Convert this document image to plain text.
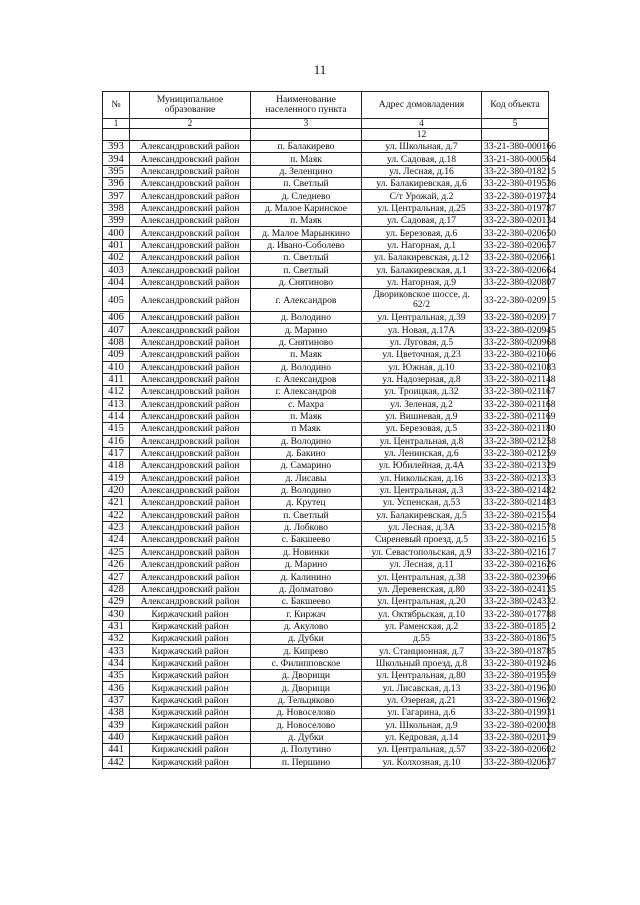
11
№	Муниципальное образование	Наименование населенного пункта	Адрес домовладения	Код объекта
1	2	3	4	5
			12	
393	Александровский район	п. Балакирево	ул. Школьная, д.7	33-21-380-000166
394	Александровский район	п. Маяк	ул. Садовая, д.18	33-21-380-000564
395	Александровский район	д. Зеленцино	ул. Лесная, д.16	33-22-380-018215
396	Александровский район	п. Светлый	ул. Балакиревская, д.6	33-22-380-019536
397	Александровский район	д. Следнево	С/т Урожай, д.2	33-22-380-019724
398	Александровский район	д. Малое Каринское	ул. Центральная, д.25	33-22-380-019787
399	Александровский район	п. Маяк	ул. Садовая, д.17	33-22-380-020134
400	Александровский район	д. Малое Марынкино	ул. Березовая, д.6	33-22-380-020650
401	Александровский район	д. Ивано-Соболево	ул. Нагорная, д.1	33-22-380-020657
402	Александровский район	п. Светлый	ул. Балакиревская, д.12	33-22-380-020661
403	Александровский район	п. Светлый	ул. Балакиревская, д.1	33-22-380-020664
404	Александровский район	д. Снятиново	ул. Нагорная, д.9	33-22-380-020807
405	Александровский район	г. Александров	Двориковское шоссе, д. 62/2	33-22-380-020915
406	Александровский район	д. Володино	ул. Центральная, д.39	33-22-380-020917
407	Александровский район	д. Марино	ул. Новая, д.17А	33-22-380-020945
408	Александровский район	д. Снятиново	ул. Луговая, д.5	33-22-380-020968
409	Александровский район	п. Маяк	ул. Цветочная, д.23	33-22-380-021066
410	Александровский район	д. Володино	ул. Южная, д.10	33-22-380-021083
411	Александровский район	г. Александров	ул. Надозерная, д.8	33-22-380-021148
412	Александровский район	г. Александров	ул. Троицкая, д.32	33-22-380-021167
413	Александровский район	с. Махра	ул. Зеленая, д.2	33-22-380-021168
414	Александровский район	п. Маяк	ул. Вишневая, д.9	33-22-380-021169
415	Александровский район	п Маяк	ул. Березовая, д.5	33-22-380-021180
416	Александровский район	д. Володино	ул. Центральная, д.8	33-22-380-021258
417	Александровский район	д. Бакино	ул. Ленинская, д.6	33-22-380-021259
418	Александровский район	д. Самарино	ул. Юбилейная, д.4А	33-22-380-021329
419	Александровский район	д. Лисавы	ул. Никольская, д.16	33-22-380-021333
420	Александровский район	д. Володино	ул. Центральная, д.3	33-22-380-021482
421	Александровский район	д. Крутец	ул. Успенская, д.53	33-22-380-021483
422	Александровский район	п. Светлый	ул. Балакиревская, д.5	33-22-380-021554
423	Александровский район	д. Лобково	ул. Лесная, д.3А	33-22-380-021578
424	Александровский район	с. Бакшеево	Сиреневый проезд, д.5	33-22-380-021615
425	Александровский район	д. Новинки	ул. Севастопольская, д.9	33-22-380-021617
426	Александровский район	д. Марино	ул. Лесная, д.11	33-22-380-021626
427	Александровский район	д. Калинино	ул. Центральная, д.38	33-22-380-023966
428	Александровский район	д. Долматово	ул. Деревенская, д.80	33-22-380-024135
429	Александровский район	с. Бакшеево	ул. Центральная, д.20	33-22-380-024332
430	Киржачский район	г. Киржач	ул. Октябрьская, д.10	33-22-380-017788
431	Киржачский район	д. Акулово	ул. Раменская, д.2	33-22-380-018512
432	Киржачский район	д. Дубки	д.55	33-22-380-018675
433	Киржачский район	д. Кипрево	ул. Станционная, д.7	33-22-380-018785
434	Киржачский район	с. Филипповское	Школьный проезд, д.8	33-22-380-019246
435	Киржачский район	д. Дворищи	ул. Центральная, д.80	33-22-380-019559
436	Киржачский район	д. Дворищи	ул. Лисавская, д.13	33-22-380-019630
437	Киржачский район	д. Тельцяково	ул. Озерная, д.21	33-22-380-019692
438	Киржачский район	д. Новоселово	ул. Гагарина, д.6	33-22-380-019931
439	Киржачский район	д. Новоселово	ул. Школьная, д.9	33-22-380-020028
440	Киржачский район	д. Дубки	ул. Кедровая, д.14	33-22-380-020129
441	Киржачский район	д. Полутино	ул. Центральная, д.57	33-22-380-020602
442	Киржачский район	п. Першино	ул. Колхозная, д.10	33-22-380-020637
